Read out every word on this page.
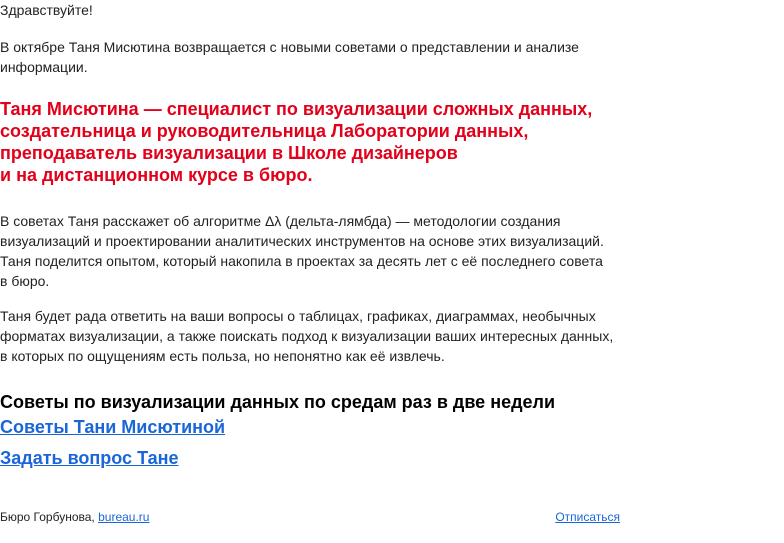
Здравствуйте!
В октябре Таня Мисютина возвращается с новыми советами о представлении и анализе
информации.
Таня Мисютина — специалист по визуализации сложных данных,
создательница и руководительница Лаборатории данных,
преподаватель визуализации в Школе дизайнеров
и на дистанционном курсе в бюро.
В советах Таня расскажет об алгоритме Δλ (дельта-лямбда) — методологии создания
визуализаций и проектировании аналитических инструментов на основе этих визуализаций.
Таня поделится опытом, который накопила в проектах за десять лет с её последнего совета
в бюро.
Таня будет рада ответить на ваши вопросы о таблицах, графиках, диаграммах, необычных
форматах визуализации, а также поискать подход к визуализации ваших интересных данных,
в которых по ощущениям есть польза, но непонятно как её извлечь.
Советы по визуализации данных по средам раз в две недели
Советы Тани Мисютиной
Задать вопрос Тане
Бюро Горбунова, bureau.ru	Отписаться
